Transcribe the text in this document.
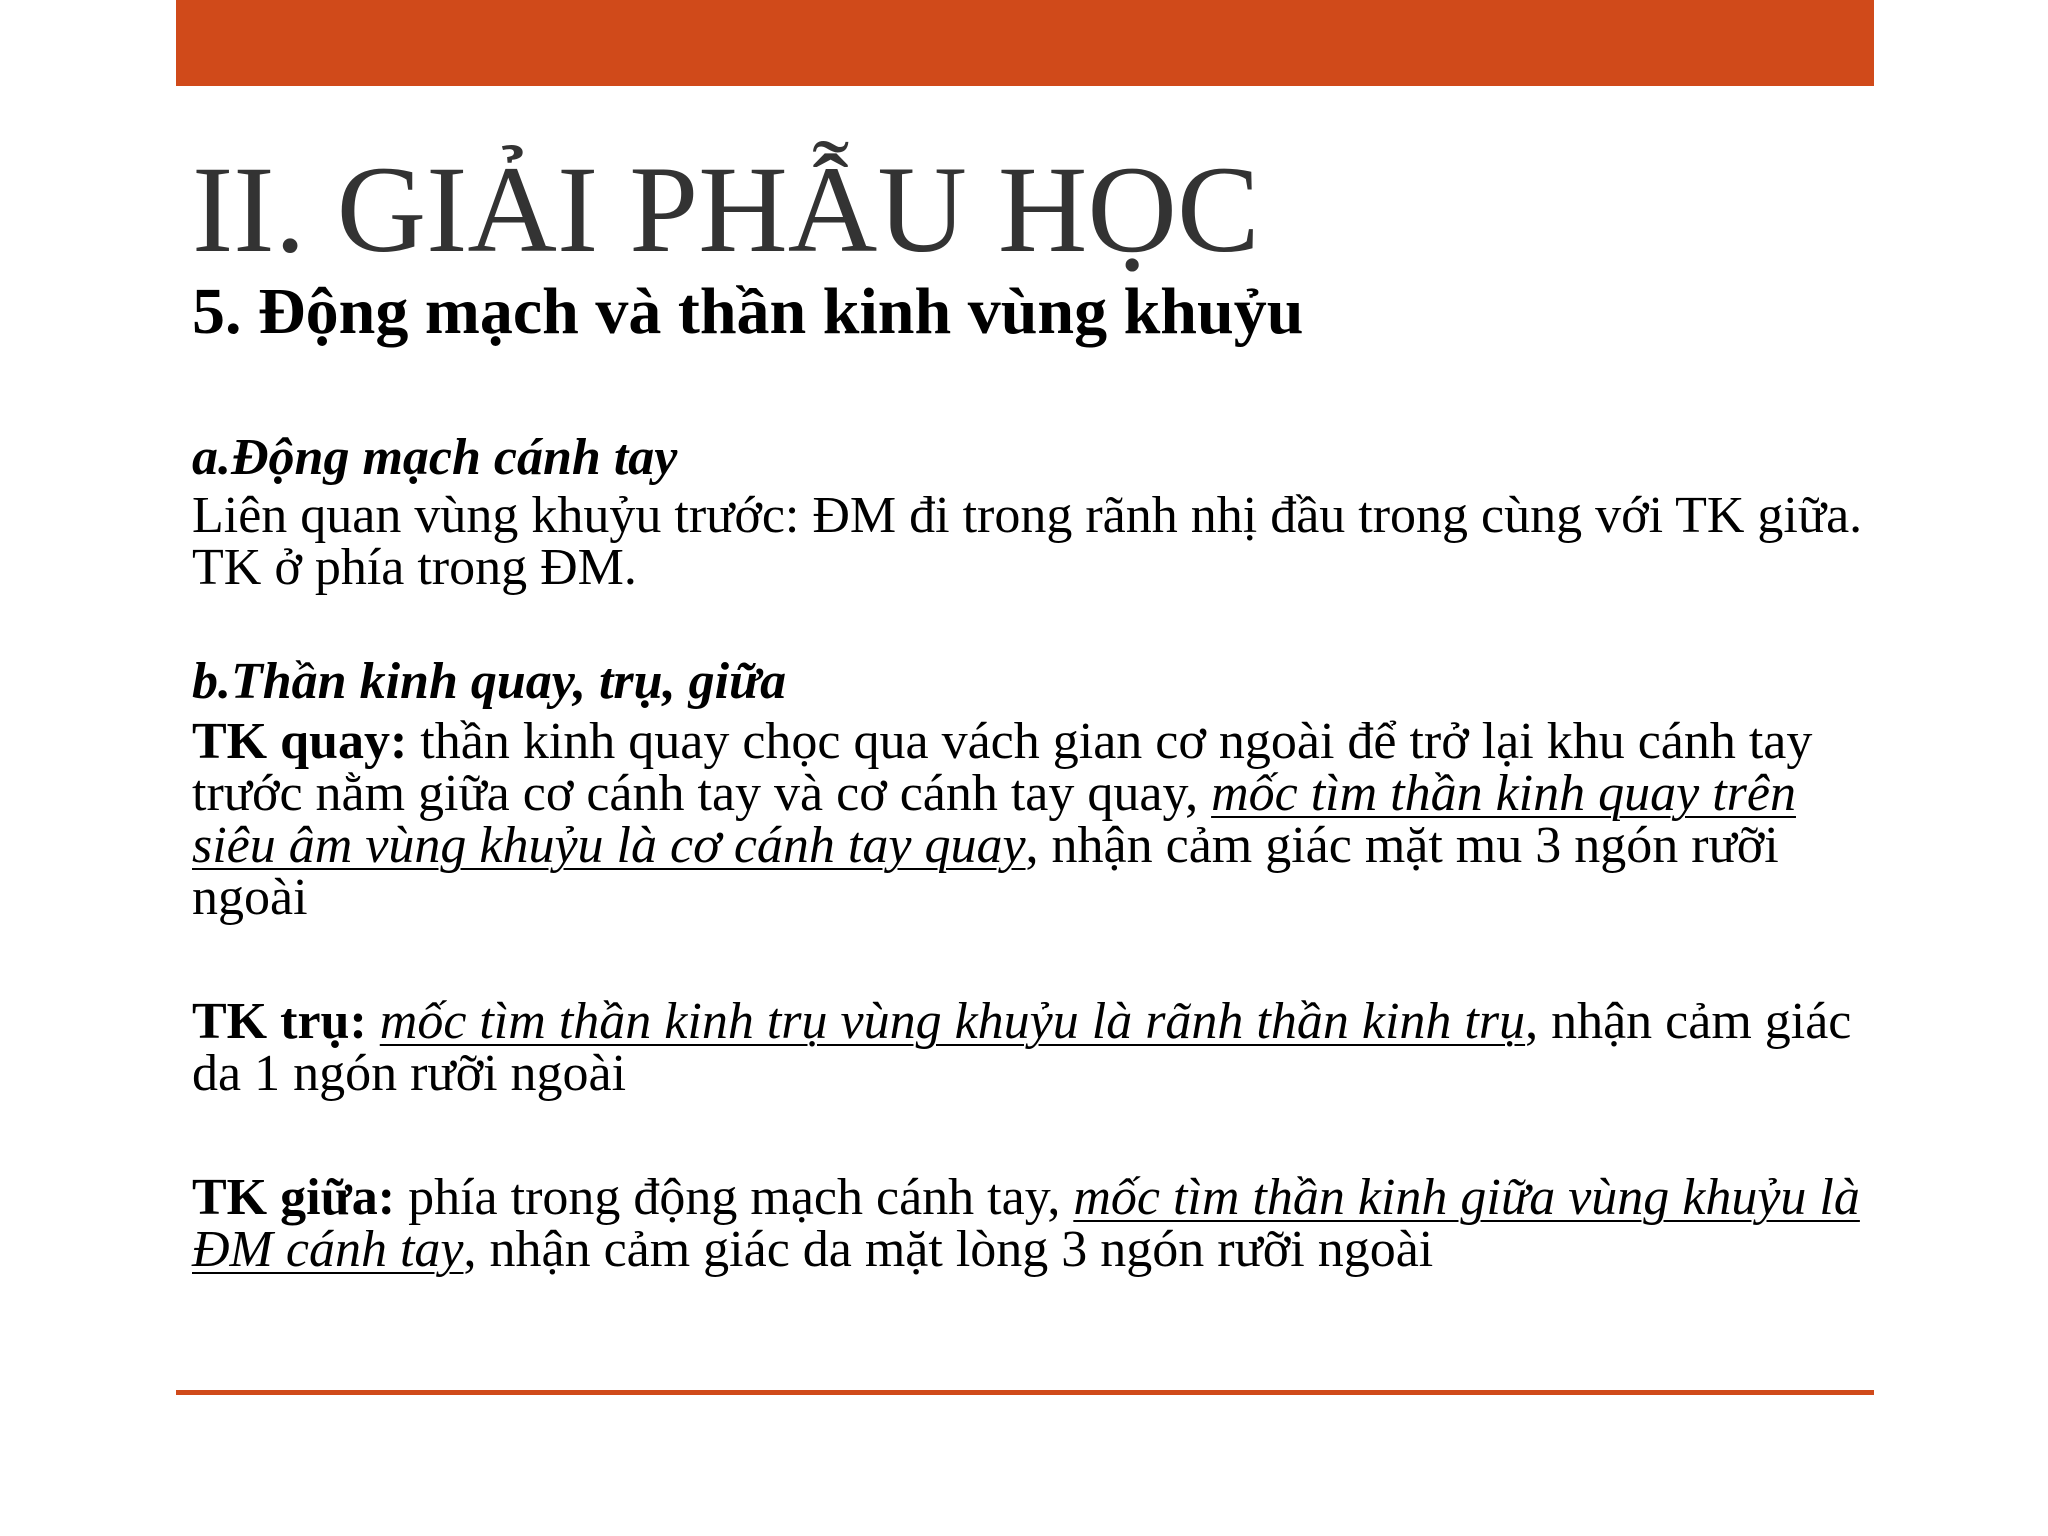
II. GIẢI PHẪU HỌC
5. Động mạch và thần kinh vùng khuỷu

a.Động mạch cánh tay

Liên quan vùng khuỷu trước: ĐM đi trong rãnh nhị đầu trong cùng với TK giữa. TK ở phía trong ĐM.

b.Thần kinh quay, trụ, giữa

TK quay: thần kinh quay chọc qua vách gian cơ ngoài để trở lại khu cánh tay trước nằm giữa cơ cánh tay và cơ cánh tay quay, mốc tìm thần kinh quay trên siêu âm vùng khuỷu là cơ cánh tay quay, nhận cảm giác mặt mu 3 ngón rưỡi ngoài

TK trụ: mốc tìm thần kinh trụ vùng khuỷu là rãnh thần kinh trụ, nhận cảm giác da 1 ngón rưỡi ngoài

TK giữa: phía trong động mạch cánh tay, mốc tìm thần kinh giữa vùng khuỷu là ĐM cánh tay, nhận cảm giác da mặt lòng 3 ngón rưỡi ngoài
